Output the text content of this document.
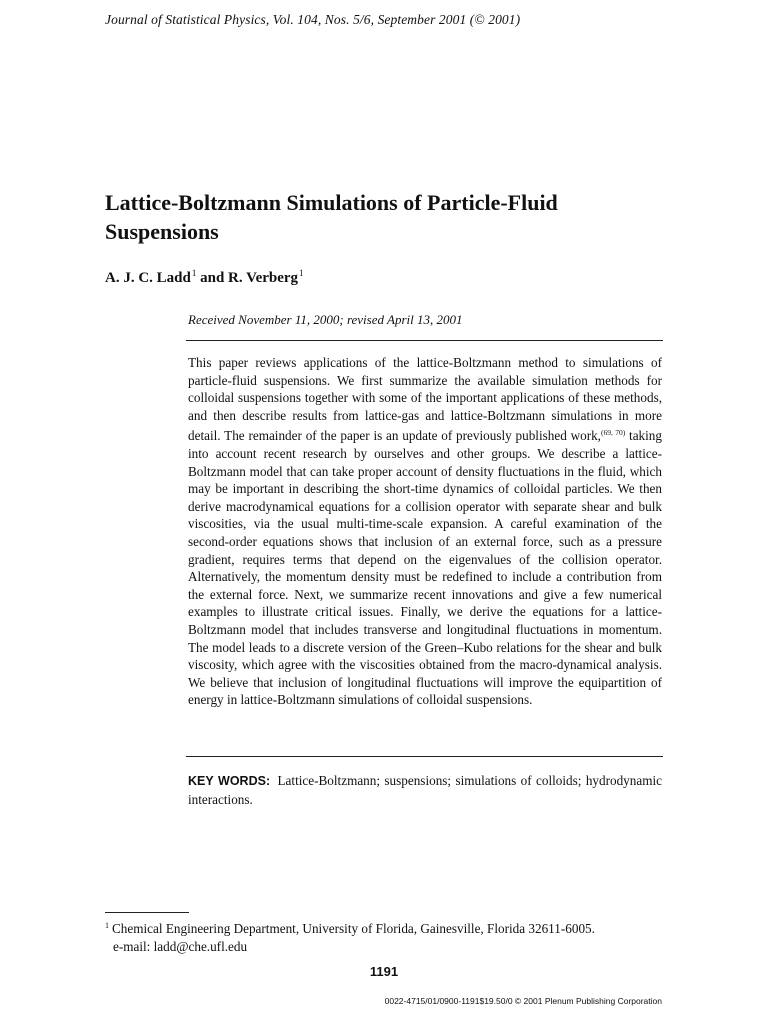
Journal of Statistical Physics, Vol. 104, Nos. 5/6, September 2001 (© 2001)
Lattice-Boltzmann Simulations of Particle-Fluid Suspensions
A. J. C. Ladd$^1$ and R. Verberg$^1$
Received November 11, 2000; revised April 13, 2001

This paper reviews applications of the lattice-Boltzmann method to simulations of particle-fluid suspensions. We first summarize the available simulation methods for colloidal suspensions together with some of the important applications of these methods, and then describe results from lattice-gas and lattice-Boltzmann simulations in more detail. The remainder of the paper is an update of previously published work,$^{(69, 70)}$ taking into account recent research by ourselves and other groups. We describe a lattice-Boltzmann model that can take proper account of density fluctuations in the fluid, which may be important in describing the short-time dynamics of colloidal particles. We then derive macrodynamical equations for a collision operator with separate shear and bulk viscosities, via the usual multi-time-scale expansion. A careful examination of the second-order equations shows that inclusion of an external force, such as a pressure gradient, requires terms that depend on the eigenvalues of the collision operator. Alternatively, the momentum density must be redefined to include a contribution from the external force. Next, we summarize recent innovations and give a few numerical examples to illustrate critical issues. Finally, we derive the equations for a lattice-Boltzmann model that includes transverse and longitudinal fluctuations in momentum. The model leads to a discrete version of the Green–Kubo relations for the shear and bulk viscosity, which agree with the viscosities obtained from the macro-dynamical analysis. We believe that inclusion of longitudinal fluctuations will improve the equipartition of energy in lattice-Boltzmann simulations of colloidal suspensions.

KEY WORDS: Lattice-Boltzmann; suspensions; simulations of colloids; hydrodynamic interactions.

$^1$ Chemical Engineering Department, University of Florida, Gainesville, Florida 32611-6005.
e-mail: ladd@che.ufl.edu

1191
0022-4715/01/0900-1191$19.50/0 © 2001 Plenum Publishing Corporation
